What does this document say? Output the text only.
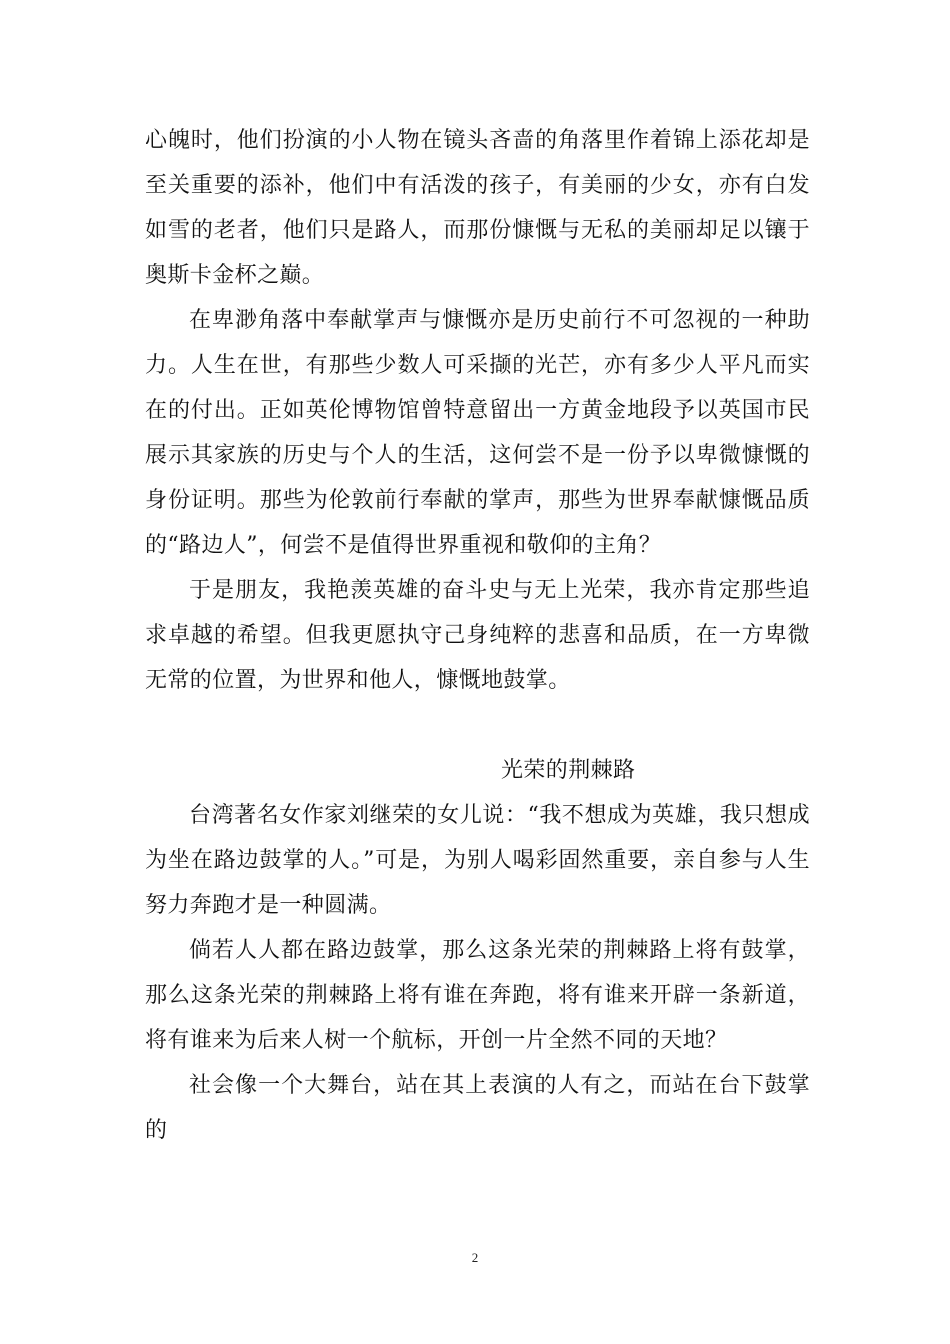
心魄时，他们扮演的小人物在镜头吝啬的角落里作着锦上添花却是至关重要的添补，他们中有活泼的孩子，有美丽的少女，亦有白发如雪的老者，他们只是路人，而那份慷慨与无私的美丽却足以镶于奥斯卡金杯之巅。

在卑渺角落中奉献掌声与慷慨亦是历史前行不可忽视的一种助力。人生在世，有那些少数人可采撷的光芒，亦有多少人平凡而实在的付出。正如英伦博物馆曾特意留出一方黄金地段予以英国市民展示其家族的历史与个人的生活，这何尝不是一份予以卑微慷慨的身份证明。那些为伦敦前行奉献的掌声，那些为世界奉献慷慨品质的“路边人”，何尝不是值得世界重视和敬仰的主角？

于是朋友，我艳羡英雄的奋斗史与无上光荣，我亦肯定那些追求卓越的希望。但我更愿执守己身纯粹的悲喜和品质，在一方卑微无常的位置，为世界和他人，慷慨地鼓掌。

光荣的荆棘路

台湾著名女作家刘继荣的女儿说：“我不想成为英雄，我只想成为坐在路边鼓掌的人。”可是，为别人喝彩固然重要，亲自参与人生努力奔跑才是一种圆满。

倘若人人都在路边鼓掌，那么这条光荣的荆棘路上将有鼓掌，那么这条光荣的荆棘路上将有谁在奔跑，将有谁来开辟一条新道，将有谁来为后来人树一个航标，开创一片全然不同的天地？

社会像一个大舞台，站在其上表演的人有之，而站在台下鼓掌的

2
